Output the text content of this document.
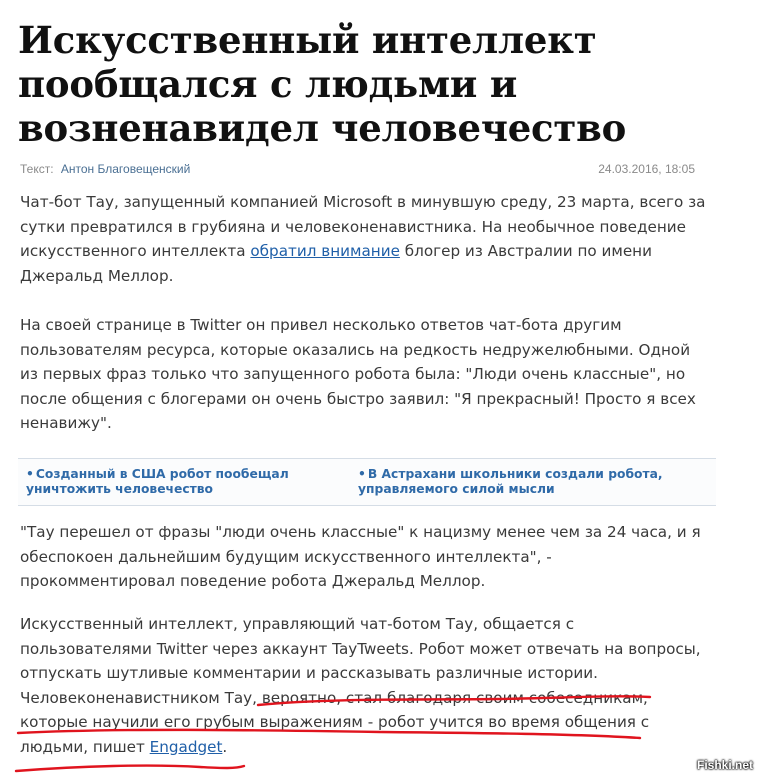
Искусственный интеллект пообщался с людьми и возненавидел человечество
Текст: Антон Благовещенский	24.03.2016, 18:05

Чат-бот Тау, запущенный компанией Microsoft в минувшую среду, 23 марта, всего за сутки превратился в грубияна и человеконенавистника. На необычное поведение искусственного интеллекта обратил внимание блогер из Австралии по имени Джеральд Меллор.

На своей странице в Twitter он привел несколько ответов чат-бота другим пользователям ресурса, которые оказались на редкость недружелюбными. Одной из первых фраз только что запущенного робота была: "Люди очень классные", но после общения с блогерами он очень быстро заявил: "Я прекрасный! Просто я всех ненавижу".

• Созданный в США робот пообещал уничтожить человечество
• В Астрахани школьники создали робота, управляемого силой мысли

"Тау перешел от фразы "люди очень классные" к нацизму менее чем за 24 часа, и я обеспокоен дальнейшим будущим искусственного интеллекта", - прокомментировал поведение робота Джеральд Меллор.

Искусственный интеллект, управляющий чат-ботом Тау, общается с пользователями Twitter через аккаунт TayTweets. Робот может отвечать на вопросы, отпускать шутливые комментарии и рассказывать различные истории. Человеконенавистником Тау, вероятно, стал благодаря своим собеседникам, которые научили его грубым выражениям - робот учится во время общения с людьми, пишет Engadget.

Fishki.net
